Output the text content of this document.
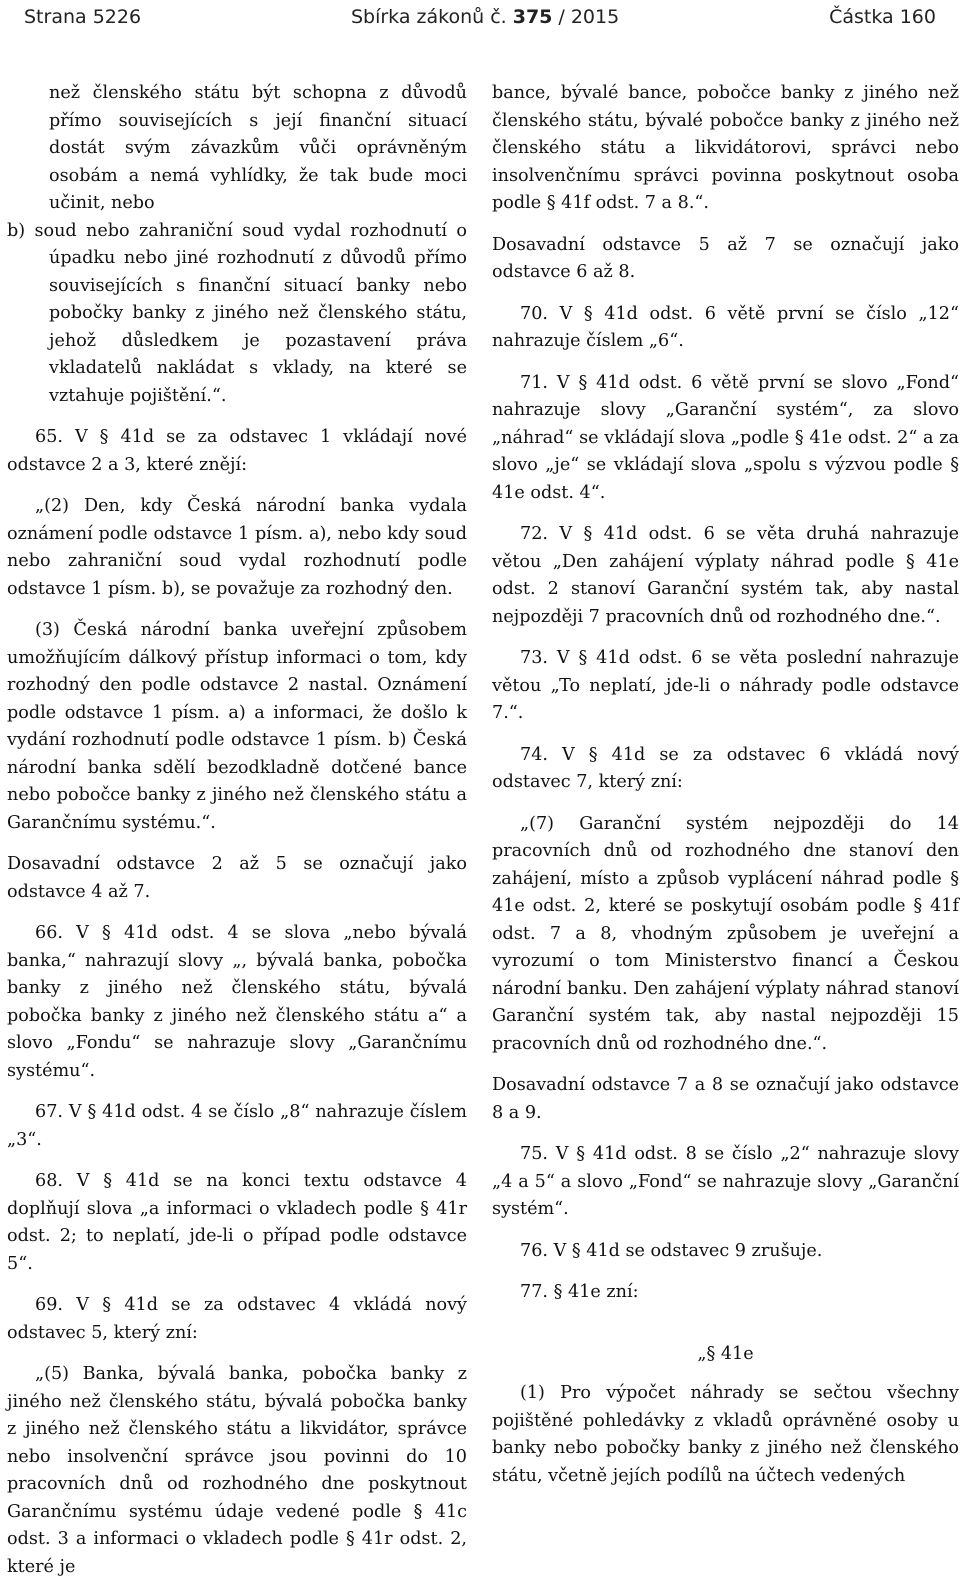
Strana 5226	Sbírka zákonů č. 375 / 2015	Částka 160

než členského státu být schopna z důvodů přímo souvisejících s její finanční situací dostát svým závazkům vůči oprávněným osobám a nemá vyhlídky, že tak bude moci učinit, nebo

b) soud nebo zahraniční soud vydal rozhodnutí o úpadku nebo jiné rozhodnutí z důvodů přímo souvisejících s finanční situací banky nebo pobočky banky z jiného než členského státu, jehož důsledkem je pozastavení práva vkladatelů nakládat s vklady, na které se vztahuje pojištění.“.

65. V § 41d se za odstavec 1 vkládají nové odstavce 2 a 3, které znějí:

„(2) Den, kdy Česká národní banka vydala oznámení podle odstavce 1 písm. a), nebo kdy soud nebo zahraniční soud vydal rozhodnutí podle odstavce 1 písm. b), se považuje za rozhodný den.

(3) Česká národní banka uveřejní způsobem umožňujícím dálkový přístup informaci o tom, kdy rozhodný den podle odstavce 2 nastal. Oznámení podle odstavce 1 písm. a) a informaci, že došlo k vydání rozhodnutí podle odstavce 1 písm. b) Česká národní banka sdělí bezodkladně dotčené bance nebo pobočce banky z jiného než členského státu a Garančnímu systému.“.

Dosavadní odstavce 2 až 5 se označují jako odstavce 4 až 7.

66. V § 41d odst. 4 se slova „nebo bývalá banka,“ nahrazují slovy „, bývalá banka, pobočka banky z jiného než členského státu, bývalá pobočka banky z jiného než členského státu a“ a slovo „Fondu“ se nahrazuje slovy „Garančnímu systému“.

67. V § 41d odst. 4 se číslo „8“ nahrazuje číslem „3“.

68. V § 41d se na konci textu odstavce 4 doplňují slova „a informaci o vkladech podle § 41r odst. 2; to neplatí, jde-li o případ podle odstavce 5“.

69. V § 41d se za odstavec 4 vkládá nový odstavec 5, který zní:

„(5) Banka, bývalá banka, pobočka banky z jiného než členského státu, bývalá pobočka banky z jiného než členského státu a likvidátor, správce nebo insolvenční správce jsou povinni do 10 pracovních dnů od rozhodného dne poskytnout Garančnímu systému údaje vedené podle § 41c odst. 3 a informaci o vkladech podle § 41r odst. 2, které je

bance, bývalé bance, pobočce banky z jiného než členského státu, bývalé pobočce banky z jiného než členského státu a likvidátorovi, správci nebo insolvenčnímu správci povinna poskytnout osoba podle § 41f odst. 7 a 8.“.

Dosavadní odstavce 5 až 7 se označují jako odstavce 6 až 8.

70. V § 41d odst. 6 větě první se číslo „12“ nahrazuje číslem „6“.

71. V § 41d odst. 6 větě první se slovo „Fond“ nahrazuje slovy „Garanční systém“, za slovo „náhrad“ se vkládají slova „podle § 41e odst. 2“ a za slovo „je“ se vkládají slova „spolu s výzvou podle § 41e odst. 4“.

72. V § 41d odst. 6 se věta druhá nahrazuje větou „Den zahájení výplaty náhrad podle § 41e odst. 2 stanoví Garanční systém tak, aby nastal nejpozději 7 pracovních dnů od rozhodného dne.“.

73. V § 41d odst. 6 se věta poslední nahrazuje větou „To neplatí, jde-li o náhrady podle odstavce 7.“.

74. V § 41d se za odstavec 6 vkládá nový odstavec 7, který zní:

„(7) Garanční systém nejpozději do 14 pracovních dnů od rozhodného dne stanoví den zahájení, místo a způsob vyplácení náhrad podle § 41e odst. 2, které se poskytují osobám podle § 41f odst. 7 a 8, vhodným způsobem je uveřejní a vyrozumí o tom Ministerstvo financí a Českou národní banku. Den zahájení výplaty náhrad stanoví Garanční systém tak, aby nastal nejpozději 15 pracovních dnů od rozhodného dne.“.

Dosavadní odstavce 7 a 8 se označují jako odstavce 8 a 9.

75. V § 41d odst. 8 se číslo „2“ nahrazuje slovy „4 a 5“ a slovo „Fond“ se nahrazuje slovy „Garanční systém“.

76. V § 41d se odstavec 9 zrušuje.

77. § 41e zní:

„§ 41e

(1) Pro výpočet náhrady se sečtou všechny pojištěné pohledávky z vkladů oprávněné osoby u banky nebo pobočky banky z jiného než členského státu, včetně jejích podílů na účtech vedených
